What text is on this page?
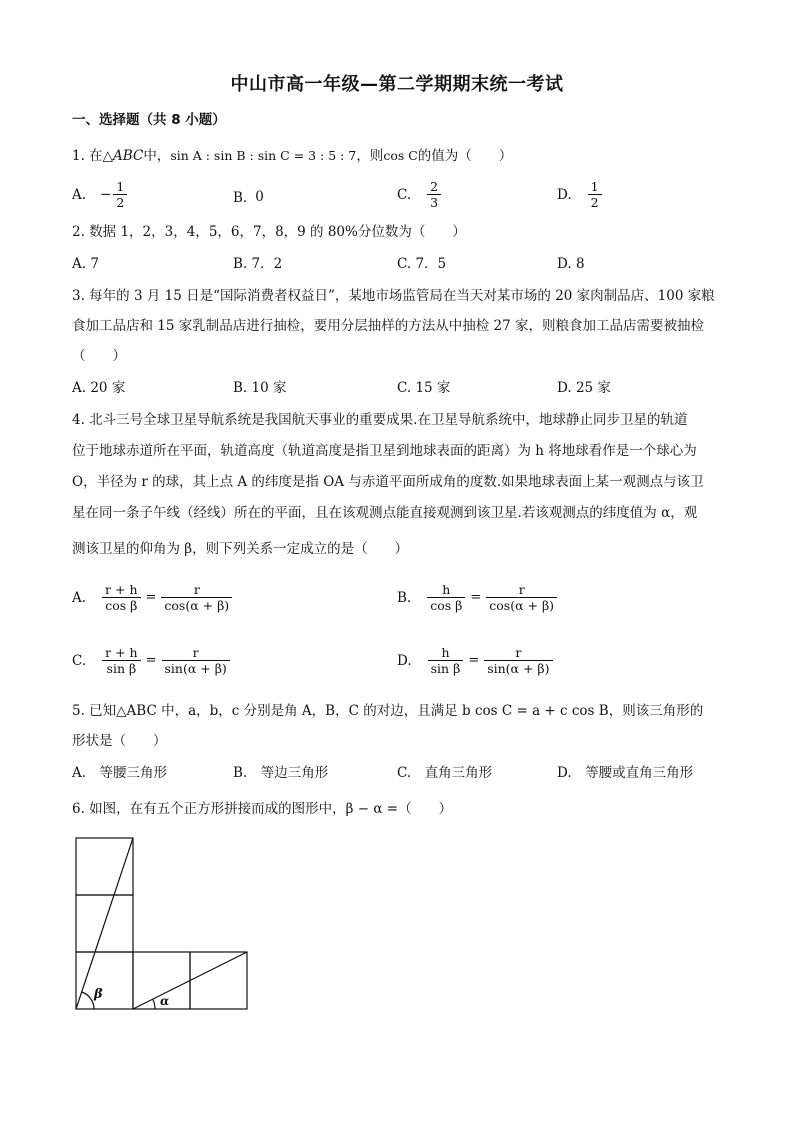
中山市高一年级—第二学期期末统一考试
一、选择题（共 8 小题）
1. 在△ABC中，sin A : sin B : sin C = 3 : 5 : 7，则cos C的值为（　　）
A. − $\frac{1}{2}$	B. 0	C. $\frac{2}{3}$	D. $\frac{1}{2}$
2. 数据 1，2，3，4，5，6，7，8，9 的 80%分位数为（　　）
A. 7	B. 7．2	C. 7．5	D. 8
3. 每年的 3 月 15 日是“国际消费者权益日”，某地市场监管局在当天对某市场的 20 家肉制品店、100 家粮
食加工品店和 15 家乳制品店进行抽检，要用分层抽样的方法从中抽检 27 家，则粮食加工品店需要被抽检
（　　）
A. 20 家	B. 10 家	C. 15 家	D. 25 家
4. 北斗三号全球卫星导航系统是我国航天事业的重要成果.在卫星导航系统中，地球静止同步卫星的轨道
位于地球赤道所在平面，轨道高度（轨道高度是指卫星到地球表面的距离）为 h 将地球看作是一个球心为
O，半径为 r 的球，其上点 A 的纬度是指 OA 与赤道平面所成角的度数.如果地球表面上某一观测点与该卫
星在同一条子午线（经线）所在的平面，且在该观测点能直接观测到该卫星.若该观测点的纬度值为 α，观
测该卫星的仰角为 β，则下列关系一定成立的是（　　）
A. $\frac{r + h}{\text{cos β}} = \frac{r}{\cos(\alpha + \beta)}$	B. $\frac{h}{\text{cos β}} = \frac{r}{\cos(\alpha + \beta)}$
C. $\frac{r + h}{\text{sin β}} = \frac{r}{\sin(\alpha + \beta)}$	D. $\frac{h}{\text{sin β}} = \frac{r}{\sin(\alpha + \beta)}$
5. 已知△ABC 中，a，b，c 分别是角 A，B，C 的对边，且满足 b cos C = a + c cos B，则该三角形的
形状是（　　）
A.　 等腰三角形	B.　 等边三角形	C.　 直角三角形	D.　 等腰或直角三角形
6. 如图，在有五个正方形拼接而成的图形中，β − α =（　　）
β	α
